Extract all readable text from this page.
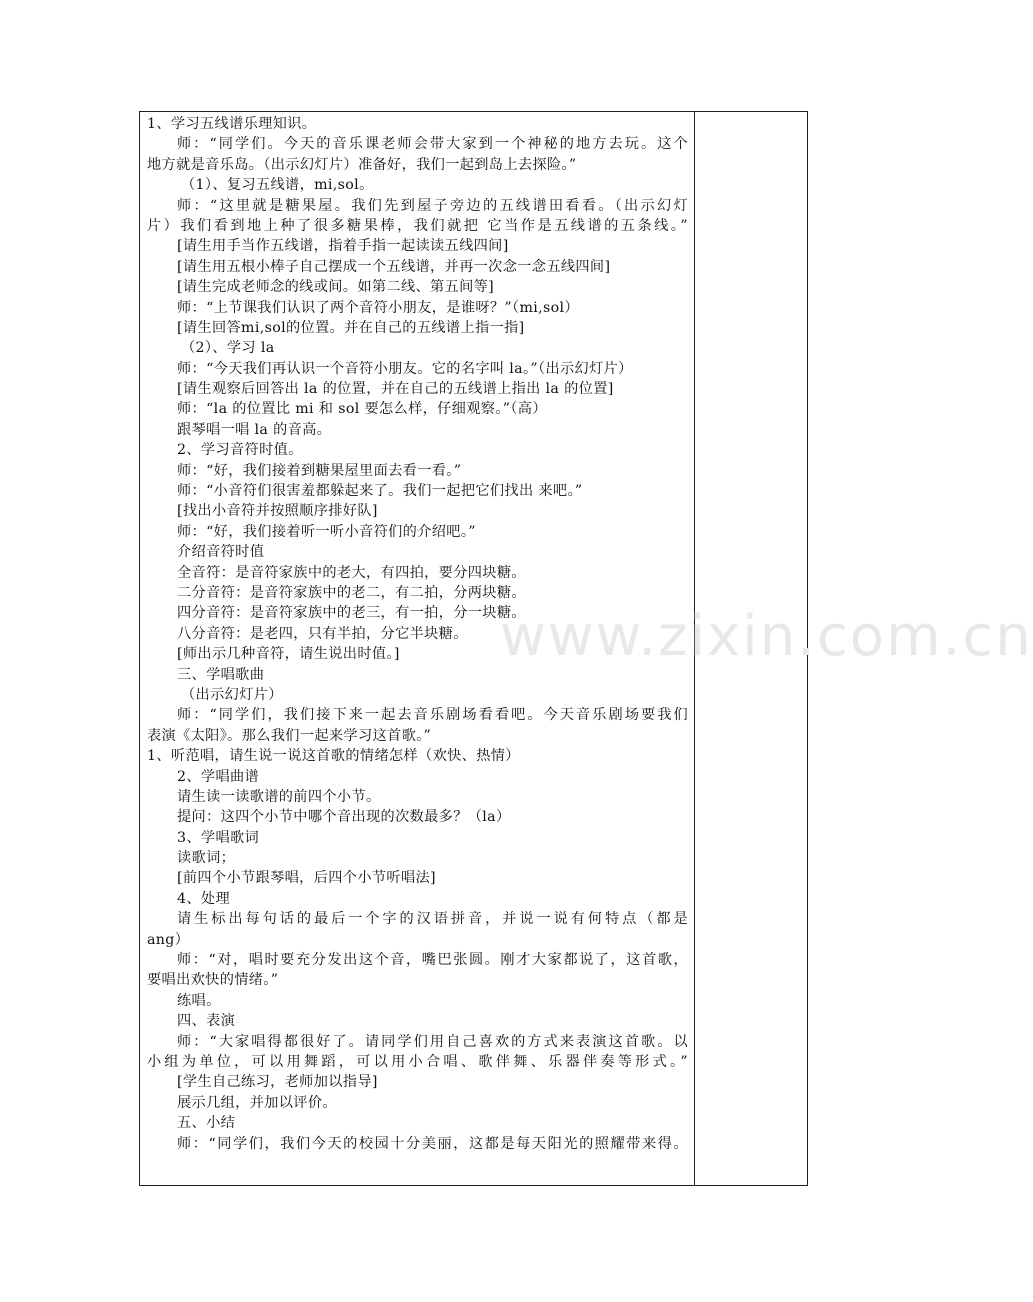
1、学习五线谱乐理知识。
师：“同学们。今天的音乐课老师会带大家到一个神秘的地方去玩。这个
地方就是音乐岛。（出示幻灯片）准备好，我们一起到岛上去探险。”
（1）、复习五线谱，mi,sol。
师：“这里就是糖果屋。我们先到屋子旁边的五线谱田看看。（出示幻灯
片）我们看到地上种了很多糖果棒，我们就把 它当作是五线谱的五条线。”
[请生用手当作五线谱，指着手指一起读读五线四间]
[请生用五根小棒子自己摆成一个五线谱，并再一次念一念五线四间]
[请生完成老师念的线或间。如第二线、第五间等]
师：“上节课我们认识了两个音符小朋友，是谁呀？”（mi,sol）
[请生回答mi,sol的位置。并在自己的五线谱上指一指]
（2）、学习 la
师：“今天我们再认识一个音符小朋友。它的名字叫 la。”（出示幻灯片）
[请生观察后回答出 la 的位置，并在自己的五线谱上指出 la 的位置]
师：“la 的位置比 mi 和 sol 要怎么样，仔细观察。”（高）
跟琴唱一唱 la 的音高。
2、学习音符时值。
师：“好，我们接着到糖果屋里面去看一看。”
师：“小音符们很害羞都躲起来了。我们一起把它们找出 来吧。”
[找出小音符并按照顺序排好队]
师：“好，我们接着听一听小音符们的介绍吧。”
介绍音符时值
全音符：是音符家族中的老大，有四拍，要分四块糖。
二分音符：是音符家族中的老二，有二拍，分两块糖。
四分音符：是音符家族中的老三，有一拍，分一块糖。
八分音符：是老四，只有半拍，分它半块糖。
[师出示几种音符，请生说出时值。]
三、学唱歌曲
（出示幻灯片）
师：“同学们，我们接下来一起去音乐剧场看看吧。今天音乐剧场要我们
表演《太阳》。那么我们一起来学习这首歌。”
1、听范唱，请生说一说这首歌的情绪怎样（欢快、热情）
2、学唱曲谱
请生读一读歌谱的前四个小节。
提问：这四个小节中哪个音出现的次数最多？（la）
3、学唱歌词
读歌词；
[前四个小节跟琴唱，后四个小节听唱法]
4、处理
请生标出每句话的最后一个字的汉语拼音，并说一说有何特点（都是
ang）
师：“对，唱时要充分发出这个音，嘴巴张圆。刚才大家都说了，这首歌，
要唱出欢快的情绪。”
练唱。
四、表演
师：“大家唱得都很好了。请同学们用自己喜欢的方式来表演这首歌。以
小组为单位，可以用舞蹈，可以用小合唱、歌伴舞、乐器伴奏等形式。”
[学生自己练习，老师加以指导]
展示几组，并加以评价。
五、小结
师：“同学们，我们今天的校园十分美丽，这都是每天阳光的照耀带来得。
www.zixin.com.cn
